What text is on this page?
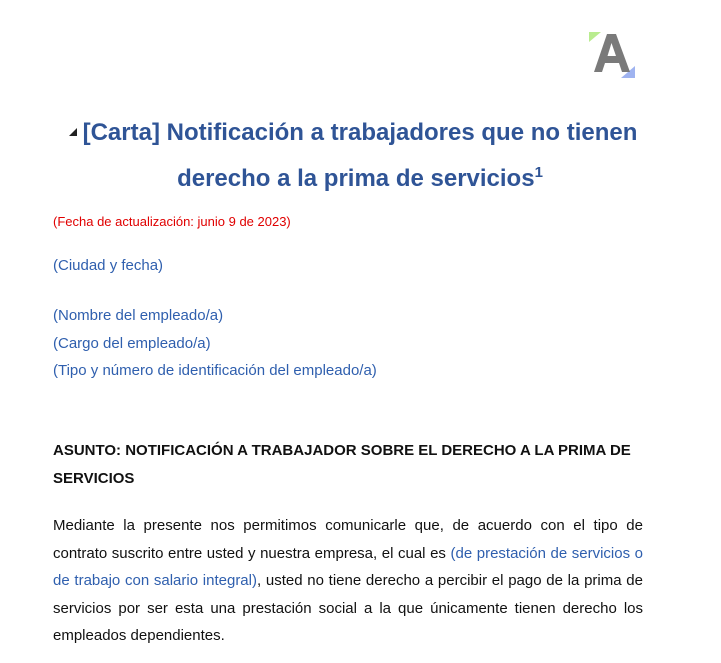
[Carta] Notificación a trabajadores que no tienen derecho a la prima de servicios$^1$

(Fecha de actualización: junio 9 de 2023)

(Ciudad y fecha)

(Nombre del empleado/a)

(Cargo del empleado/a)

(Tipo y número de identificación del empleado/a)

ASUNTO: NOTIFICACIÓN A TRABAJADOR SOBRE EL DERECHO A LA PRIMA DE SERVICIOS

Mediante la presente nos permitimos comunicarle que, de acuerdo con el tipo de contrato suscrito entre usted y nuestra empresa, el cual es (de prestación de servicios o de trabajo con salario integral), usted no tiene derecho a percibir el pago de la prima de servicios por ser esta una prestación social a la que únicamente tienen derecho los empleados dependientes.
